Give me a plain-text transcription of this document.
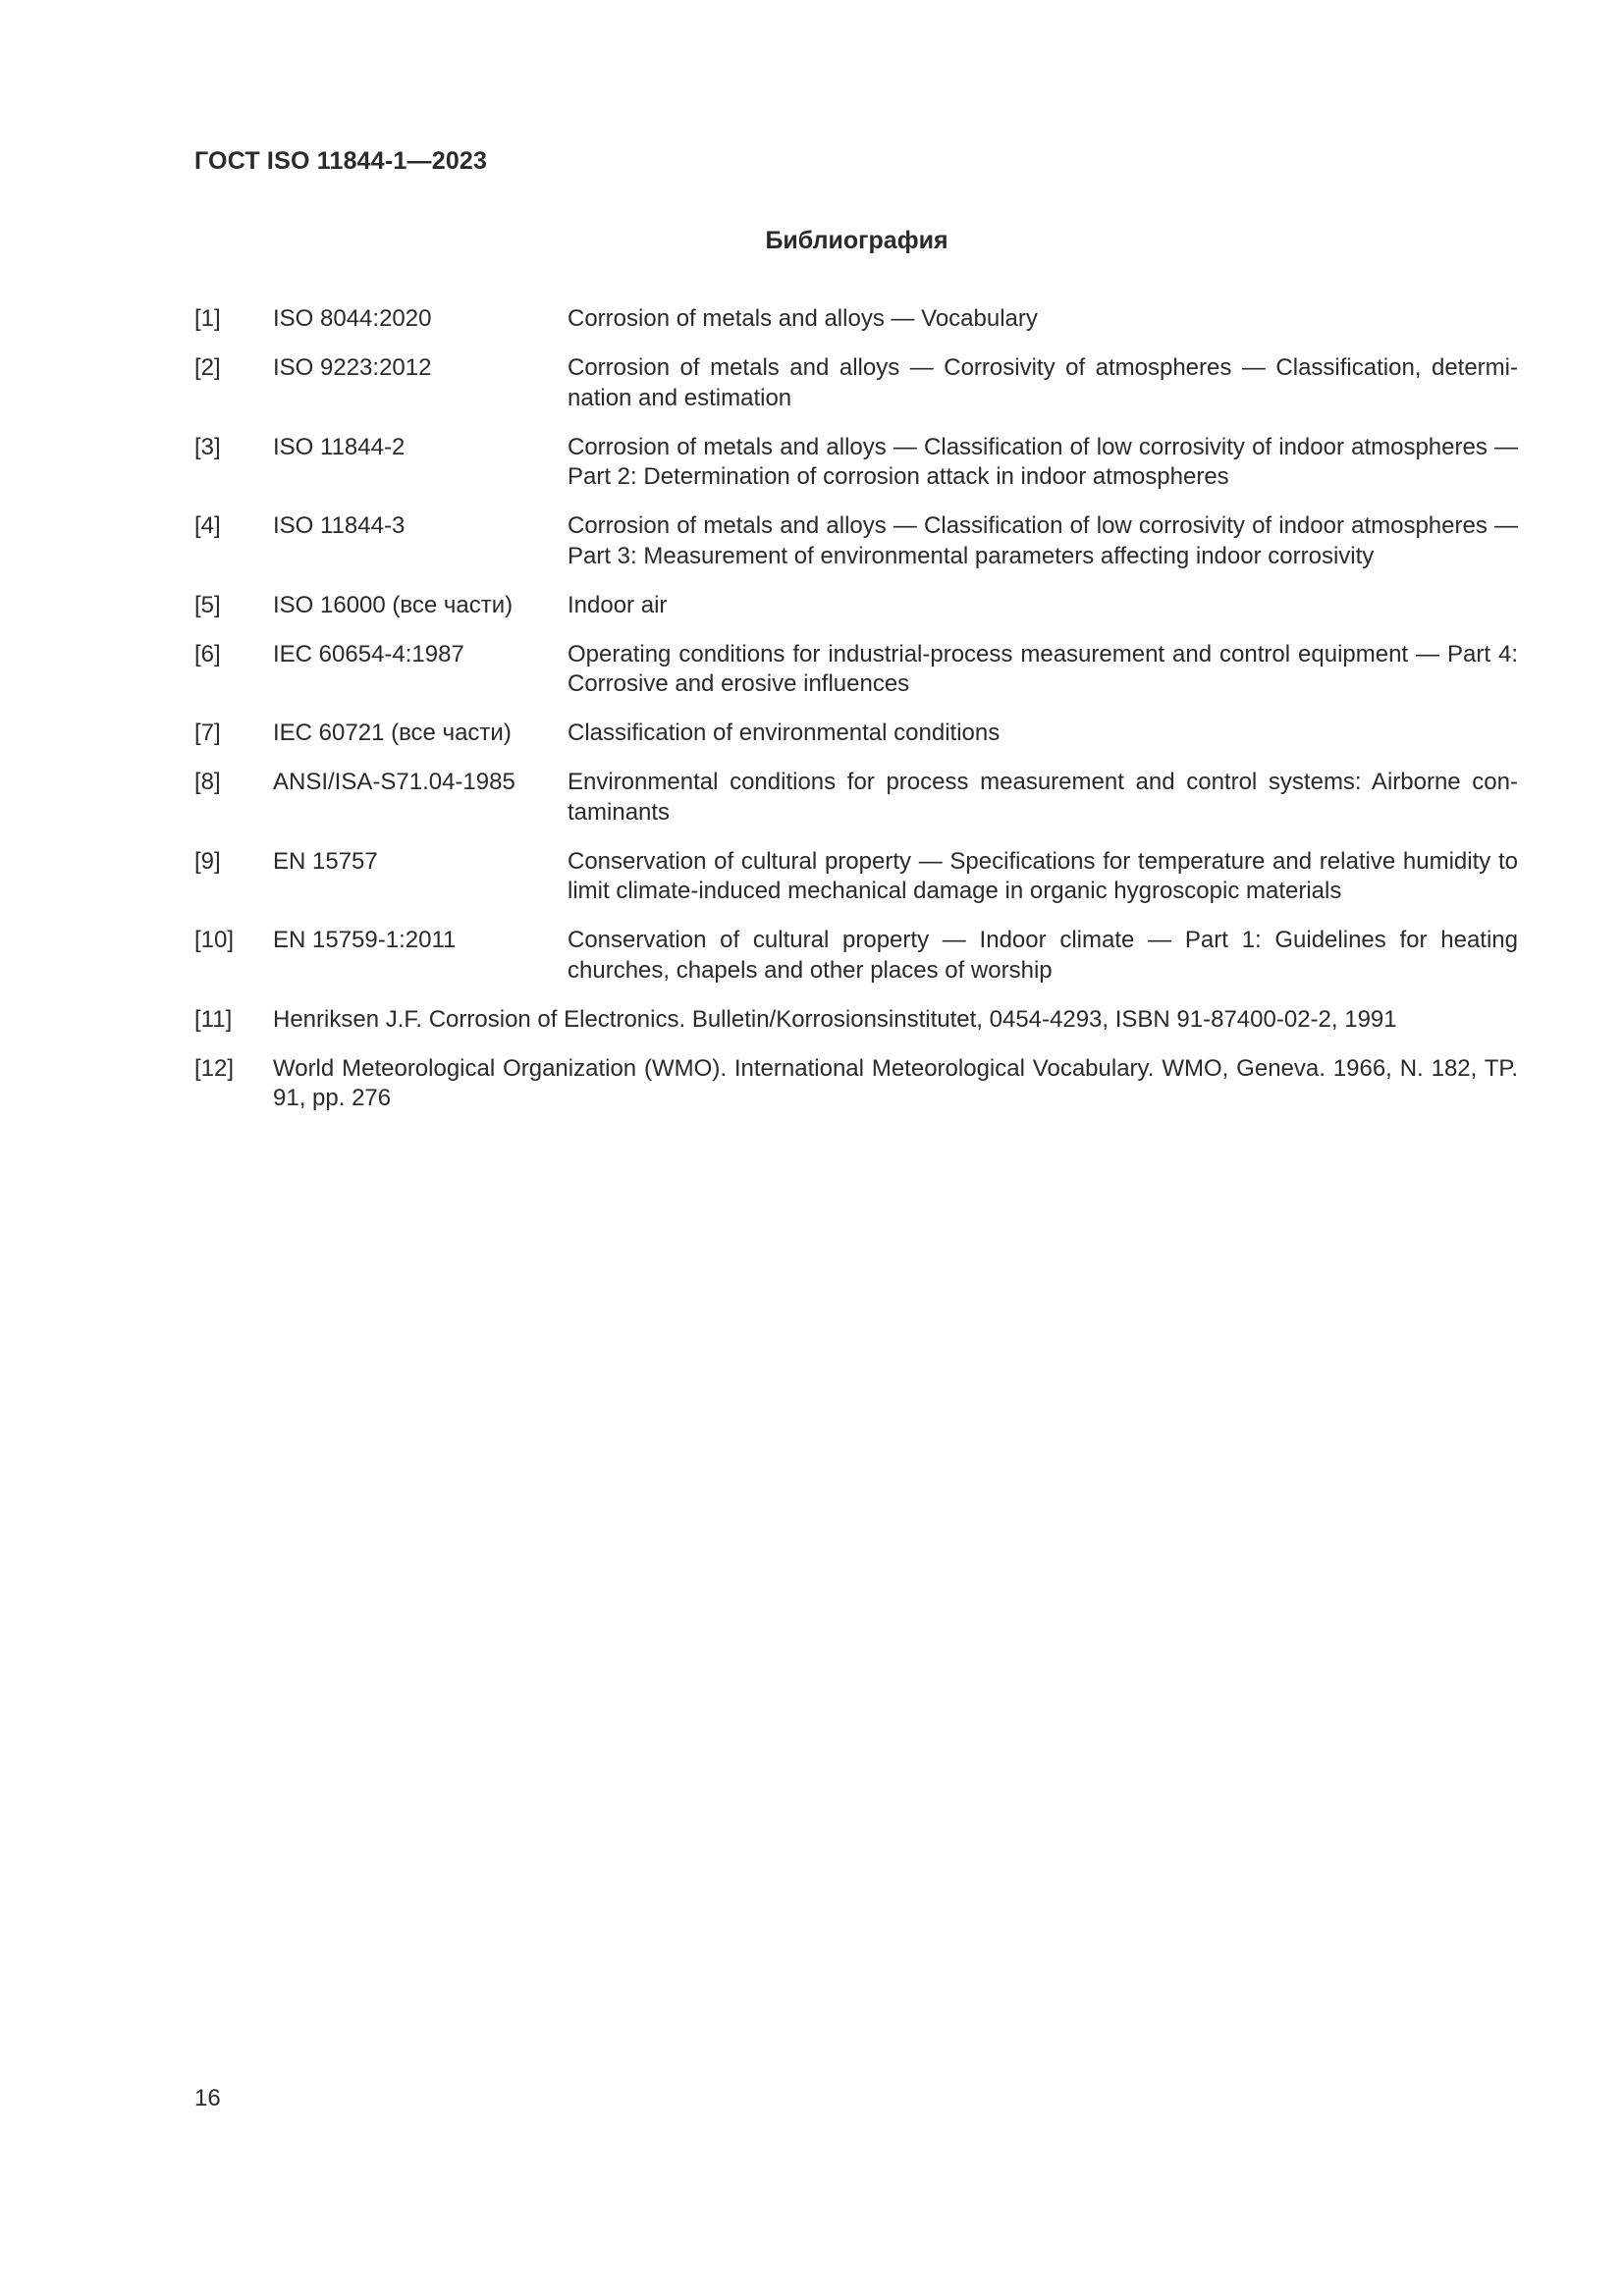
ГОСТ ISO 11844-1—2023
Библиография
[1] ISO 8044:2020	Corrosion of metals and alloys — Vocabulary
[2] ISO 9223:2012	Corrosion of metals and alloys — Corrosivity of atmospheres — Classification, determination and estimation
[3] ISO 11844-2	Corrosion of metals and alloys — Classification of low corrosivity of indoor atmospheres — Part 2: Determination of corrosion attack in indoor atmospheres
[4] ISO 11844-3	Corrosion of metals and alloys — Classification of low corrosivity of indoor atmospheres — Part 3: Measurement of environmental parameters affecting indoor corrosivity
[5] ISO 16000 (все части) Indoor air
[6] IEC 60654-4:1987	Operating conditions for industrial-process measurement and control equipment — Part 4: Corrosive and erosive influences
[7] IEC 60721 (все части) Classification of environmental conditions
[8] ANSI/ISA-S71.04-1985 Environmental conditions for process measurement and control systems: Airborne contaminants
[9] EN 15757	Conservation of cultural property — Specifications for temperature and relative humidity to limit climate-induced mechanical damage in organic hygroscopic materials
[10] EN 15759-1:2011	Conservation of cultural property — Indoor climate — Part 1: Guidelines for heating churches, chapels and other places of worship
[11] Henriksen J.F. Corrosion of Electronics. Bulletin/Korrosionsinstitutet, 0454-4293, ISBN 91-87400-02-2, 1991
[12] World Meteorological Organization (WMO). International Meteorological Vocabulary. WMO, Geneva. 1966, N. 182, TP. 91, pp. 276
16
